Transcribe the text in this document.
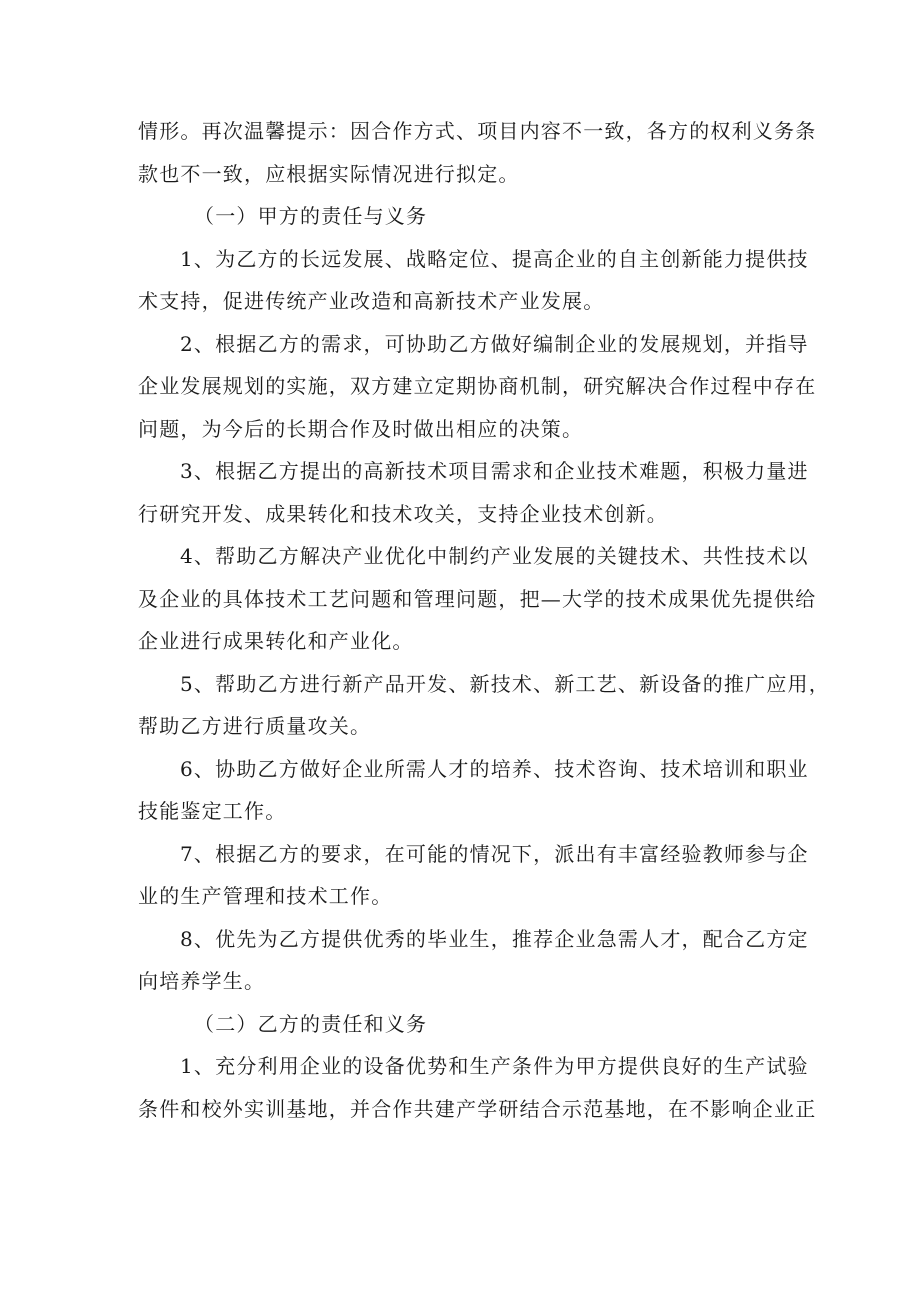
情形。再次温馨提示：因合作方式、项目内容不一致，各方的权利义务条
款也不一致，应根据实际情况进行拟定。
（一）甲方的责任与义务
1、为乙方的长远发展、战略定位、提高企业的自主创新能力提供技
术支持，促进传统产业改造和高新技术产业发展。
2、根据乙方的需求，可协助乙方做好编制企业的发展规划，并指导
企业发展规划的实施，双方建立定期协商机制，研究解决合作过程中存在
问题，为今后的长期合作及时做出相应的决策。
3、根据乙方提出的高新技术项目需求和企业技术难题，积极力量进
行研究开发、成果转化和技术攻关，支持企业技术创新。
4、帮助乙方解决产业优化中制约产业发展的关键技术、共性技术以
及企业的具体技术工艺问题和管理问题，把—大学的技术成果优先提供给
企业进行成果转化和产业化。
5、帮助乙方进行新产品开发、新技术、新工艺、新设备的推广应用，
帮助乙方进行质量攻关。
6、协助乙方做好企业所需人才的培养、技术咨询、技术培训和职业
技能鉴定工作。
7、根据乙方的要求，在可能的情况下，派出有丰富经验教师参与企
业的生产管理和技术工作。
8、优先为乙方提供优秀的毕业生，推荐企业急需人才，配合乙方定
向培养学生。
（二）乙方的责任和义务
1、充分利用企业的设备优势和生产条件为甲方提供良好的生产试验
条件和校外实训基地，并合作共建产学研结合示范基地，在不影响企业正
